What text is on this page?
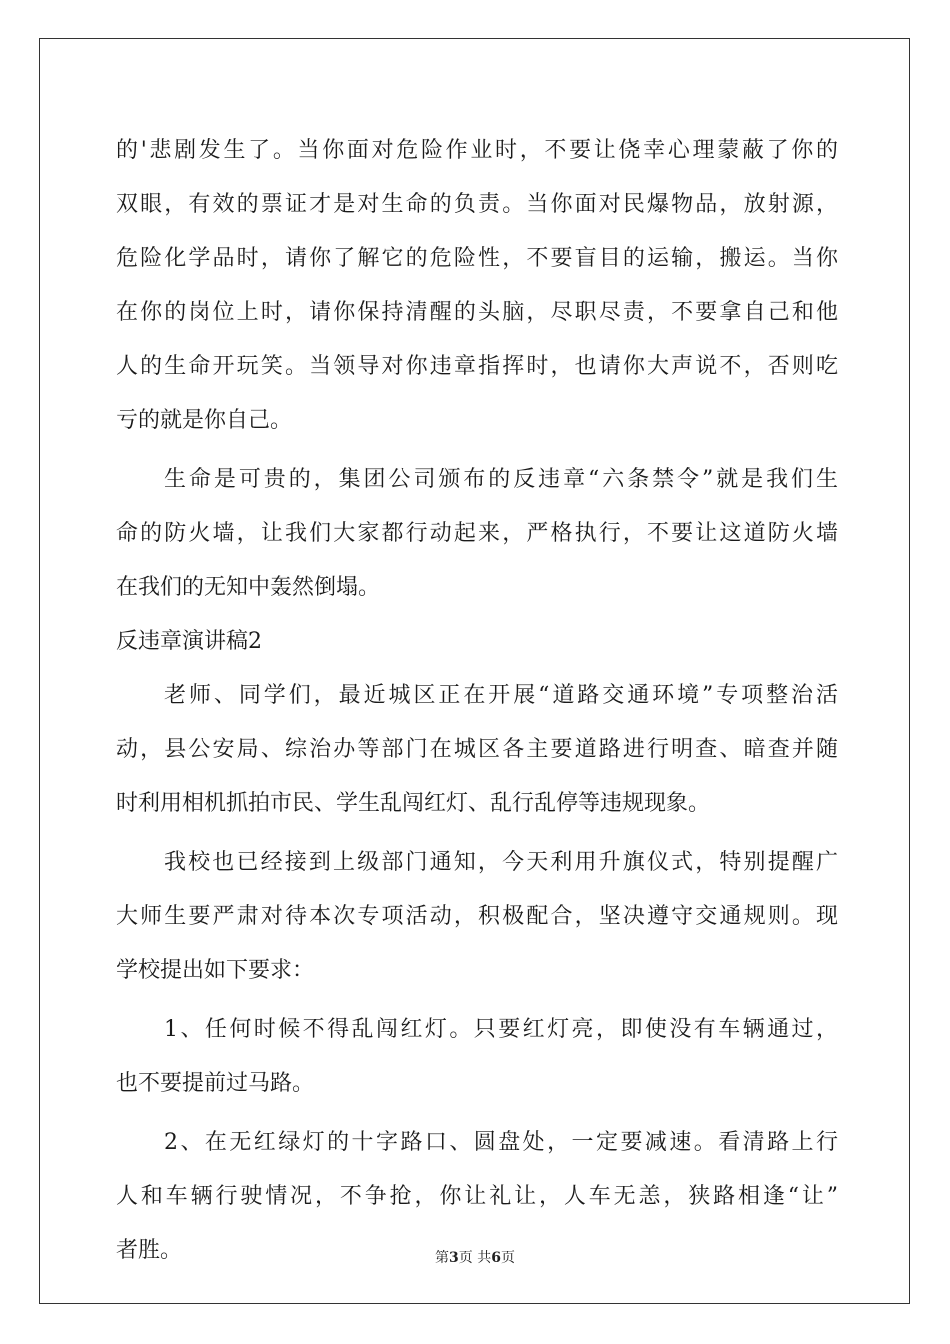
的'悲剧发生了。当你面对危险作业时，不要让侥幸心理蒙蔽了你的
双眼，有效的票证才是对生命的负责。当你面对民爆物品，放射源，
危险化学品时，请你了解它的危险性，不要盲目的运输，搬运。当你
在你的岗位上时，请你保持清醒的头脑，尽职尽责，不要拿自己和他
人的生命开玩笑。当领导对你违章指挥时，也请你大声说不，否则吃
亏的就是你自己。
生命是可贵的，集团公司颁布的反违章“六条禁令”就是我们生
命的防火墙，让我们大家都行动起来，严格执行，不要让这道防火墙
在我们的无知中轰然倒塌。
反违章演讲稿2
老师、同学们，最近城区正在开展“道路交通环境”专项整治活
动，县公安局、综治办等部门在城区各主要道路进行明查、暗查并随
时利用相机抓拍市民、学生乱闯红灯、乱行乱停等违规现象。
我校也已经接到上级部门通知，今天利用升旗仪式，特别提醒广
大师生要严肃对待本次专项活动，积极配合，坚决遵守交通规则。现
学校提出如下要求：
1、任何时候不得乱闯红灯。只要红灯亮，即使没有车辆通过，
也不要提前过马路。
2、在无红绿灯的十字路口、圆盘处，一定要减速。看清路上行
人和车辆行驶情况，不争抢，你让礼让，人车无恙，狭路相逢“让”
者胜。	第3页 共6页
